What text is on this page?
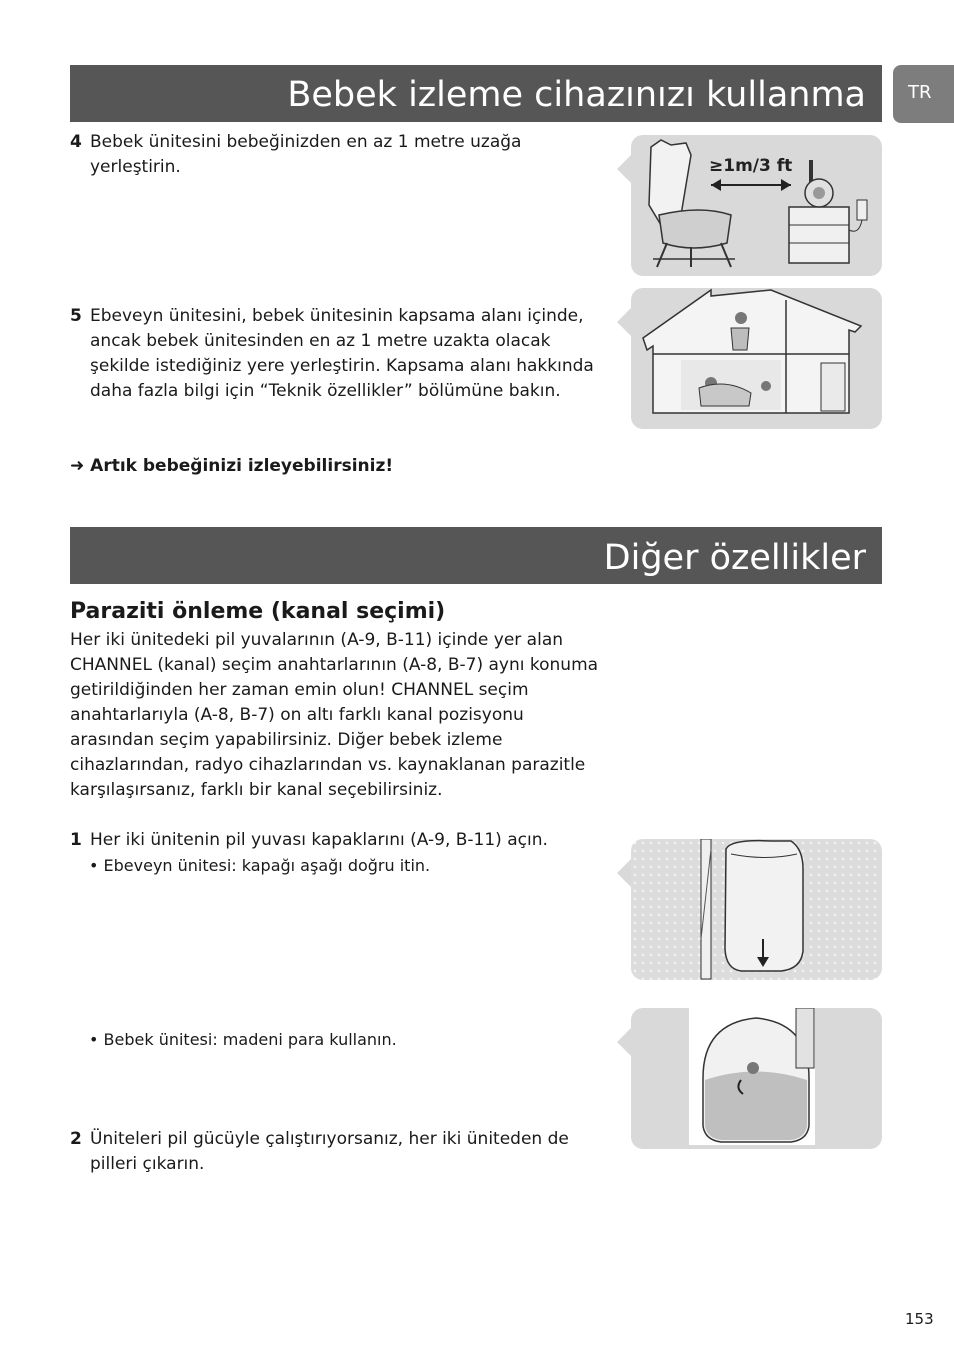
Bebek izleme cihazınızı kullanma	TR
4 Bebek ünitesini bebeğinizden en az 1 metre uzağa yerleştirin.	≥1m/3 ft
5 Ebeveyn ünitesini, bebek ünitesinin kapsama alanı içinde, ancak bebek ünitesinden en az 1 metre uzakta olacak şekilde istediğiniz yere yerleştirin. Kapsama alanı hakkında daha fazla bilgi için “Teknik özellikler” bölümüne bakın.
➜ Artık bebeğinizi izleyebilirsiniz!
Diğer özellikler
Paraziti önleme (kanal seçimi)
Her iki ünitedeki pil yuvalarının (A-9, B-11) içinde yer alan CHANNEL (kanal) seçim anahtarlarının (A-8, B-7) aynı konuma getirildiğinden her zaman emin olun! CHANNEL seçim anahtarlarıyla (A-8, B-7) on altı farklı kanal pozisyonu arasından seçim yapabilirsiniz. Diğer bebek izleme cihazlarından, radyo cihazlarından vs. kaynaklanan parazitle karşılaşırsanız, farklı bir kanal seçebilirsiniz.
1 Her iki ünitenin pil yuvası kapaklarını (A-9, B-11) açın.
• Ebeveyn ünitesi: kapağı aşağı doğru itin.
• Bebek ünitesi: madeni para kullanın.
2 Üniteleri pil gücüyle çalıştırıyorsanız, her iki üniteden de pilleri çıkarın.
153
